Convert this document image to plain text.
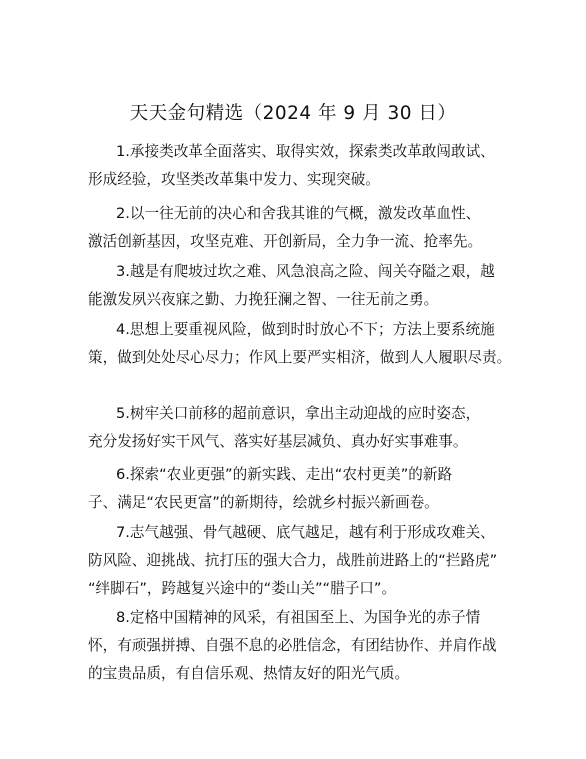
天天金句精选（2024 年 9 月 30 日）
1.承接类改革全面落实、取得实效，探索类改革敢闯敢试、
形成经验，攻坚类改革集中发力、实现突破。
2.以一往无前的决心和舍我其谁的气概，激发改革血性、
激活创新基因，攻坚克难、开创新局，全力争一流、抢率先。
3.越是有爬坡过坎之难、风急浪高之险、闯关夺隘之艰，越
能激发夙兴夜寐之勤、力挽狂澜之智、一往无前之勇。
4.思想上要重视风险，做到时时放心不下；方法上要系统施
策，做到处处尽心尽力；作风上要严实相济，做到人人履职尽责。
5.树牢关口前移的超前意识，拿出主动迎战的应时姿态，
充分发扬好实干风气、落实好基层减负、真办好实事难事。
6.探索“农业更强”的新实践、走出“农村更美”的新路
子、满足“农民更富”的新期待，绘就乡村振兴新画卷。
7.志气越强、骨气越硬、底气越足，越有利于形成攻难关、
防风险、迎挑战、抗打压的强大合力，战胜前进路上的“拦路虎”
“绊脚石”，跨越复兴途中的“娄山关”“腊子口”。
8.定格中国精神的风采，有祖国至上、为国争光的赤子情
怀，有顽强拼搏、自强不息的必胜信念，有团结协作、并肩作战
的宝贵品质，有自信乐观、热情友好的阳光气质。
